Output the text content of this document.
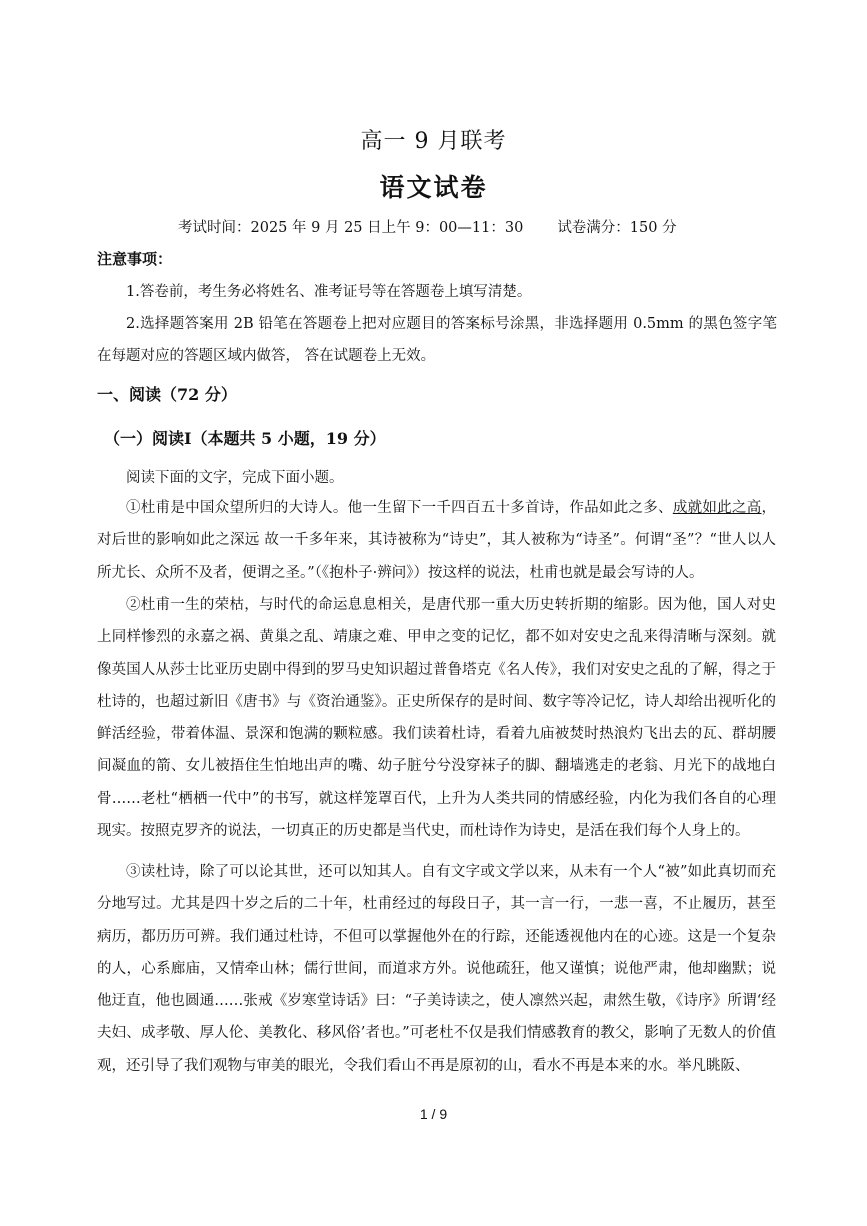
高一 9 月联考
语文试卷
考试时间：2025 年 9 月 25 日上午 9：00—11：30 试卷满分：150 分
注意事项：
1.答卷前，考生务必将姓名、准考证号等在答题卷上填写清楚。
2.选择题答案用 2B 铅笔在答题卷上把对应题目的答案标号涂黑，非选择题用 0.5mm 的黑色签字笔在每题对应的答题区域内做答， 答在试题卷上无效。
一、阅读（72 分）
（一）阅读Ⅰ（本题共 5 小题，19 分）
阅读下面的文字，完成下面小题。
①杜甫是中国众望所归的大诗人。他一生留下一千四百五十多首诗，作品如此之多、成就如此之高，对后世的影响如此之深远 故一千多年来，其诗被称为“诗史”，其人被称为“诗圣”。何谓“圣”？“世人以人所尤长、众所不及者，便谓之圣。”（《抱朴子·辨问》）按这样的说法，杜甫也就是最会写诗的人。
②杜甫一生的荣枯，与时代的命运息息相关，是唐代那一重大历史转折期的缩影。因为他，国人对史上同样惨烈的永嘉之祸、黄巢之乱、靖康之难、甲申之变的记忆，都不如对安史之乱来得清晰与深刻。就像英国人从莎士比亚历史剧中得到的罗马史知识超过普鲁塔克《名人传》，我们对安史之乱的了解，得之于杜诗的，也超过新旧《唐书》与《资治通鉴》。正史所保存的是时间、数字等冷记忆，诗人却给出视听化的鲜活经验，带着体温、景深和饱满的颗粒感。我们读着杜诗，看着九庙被焚时热浪灼飞出去的瓦、群胡腰间凝血的箭、女儿被捂住生怕地出声的嘴、幼子脏兮兮没穿袜子的脚、翻墙逃走的老翁、月光下的战地白骨……老杜“栖栖一代中”的书写，就这样笼罩百代，上升为人类共同的情感经验，内化为我们各自的心理现实。按照克罗齐的说法，一切真正的历史都是当代史，而杜诗作为诗史，是活在我们每个人身上的。
③读杜诗，除了可以论其世，还可以知其人。自有文字或文学以来，从未有一个人“被”如此真切而充分地写过。尤其是四十岁之后的二十年，杜甫经过的每段日子，其一言一行，一悲一喜，不止履历，甚至病历，都历历可辨。我们通过杜诗，不但可以掌握他外在的行踪，还能透视他内在的心迹。这是一个复杂的人，心系廊庙，又情牵山林；儒行世间，而道求方外。说他疏狂，他又谨慎；说他严肃，他却幽默；说他迂直，他也圆通……张戒《岁寒堂诗话》曰：“子美诗读之，使人凛然兴起，肃然生敬，《诗序》所谓‘经夫妇、成孝敬、厚人伦、美教化、移风俗’者也。”可老杜不仅是我们情感教育的教父，影响了无数人的价值观，还引导了我们观物与审美的眼光，令我们看山不再是原初的山，看水不再是本来的水。举凡眺阪、
1 / 9
